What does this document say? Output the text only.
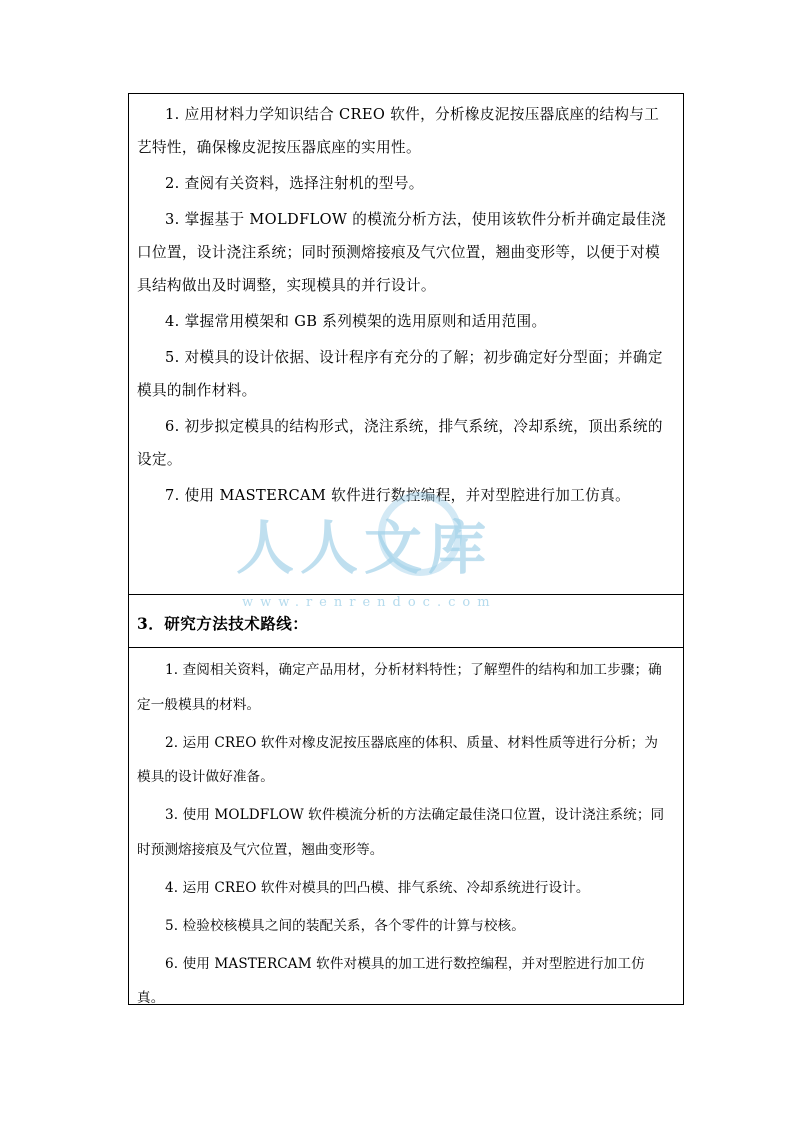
1. 应用材料力学知识结合 CREO 软件，分析橡皮泥按压器底座的结构与工艺特性，确保橡皮泥按压器底座的实用性。

2. 查阅有关资料，选择注射机的型号。

3. 掌握基于 MOLDFLOW 的模流分析方法，使用该软件分析并确定最佳浇口位置，设计浇注系统；同时预测熔接痕及气穴位置，翘曲变形等，以便于对模具结构做出及时调整，实现模具的并行设计。

4. 掌握常用模架和 GB 系列模架的选用原则和适用范围。

5. 对模具的设计依据、设计程序有充分的了解；初步确定好分型面；并确定模具的制作材料。

6. 初步拟定模具的结构形式，浇注系统，排气系统，冷却系统，顶出系统的设定。

7. 使用 MASTERCAM 软件进行数控编程，并对型腔进行加工仿真。

3．研究方法技术路线：

1. 查阅相关资料，确定产品用材，分析材料特性；了解塑件的结构和加工步骤；确定一般模具的材料。

2. 运用 CREO 软件对橡皮泥按压器底座的体积、质量、材料性质等进行分析；为模具的设计做好准备。

3. 使用 MOLDFLOW 软件模流分析的方法确定最佳浇口位置，设计浇注系统；同时预测熔接痕及气穴位置，翘曲变形等。

4. 运用 CREO 软件对模具的凹凸模、排气系统、冷却系统进行设计。

5. 检验校核模具之间的装配关系，各个零件的计算与校核。

6. 使用 MASTERCAM 软件对模具的加工进行数控编程，并对型腔进行加工仿真。

人人文库
www.renrendoc.com
